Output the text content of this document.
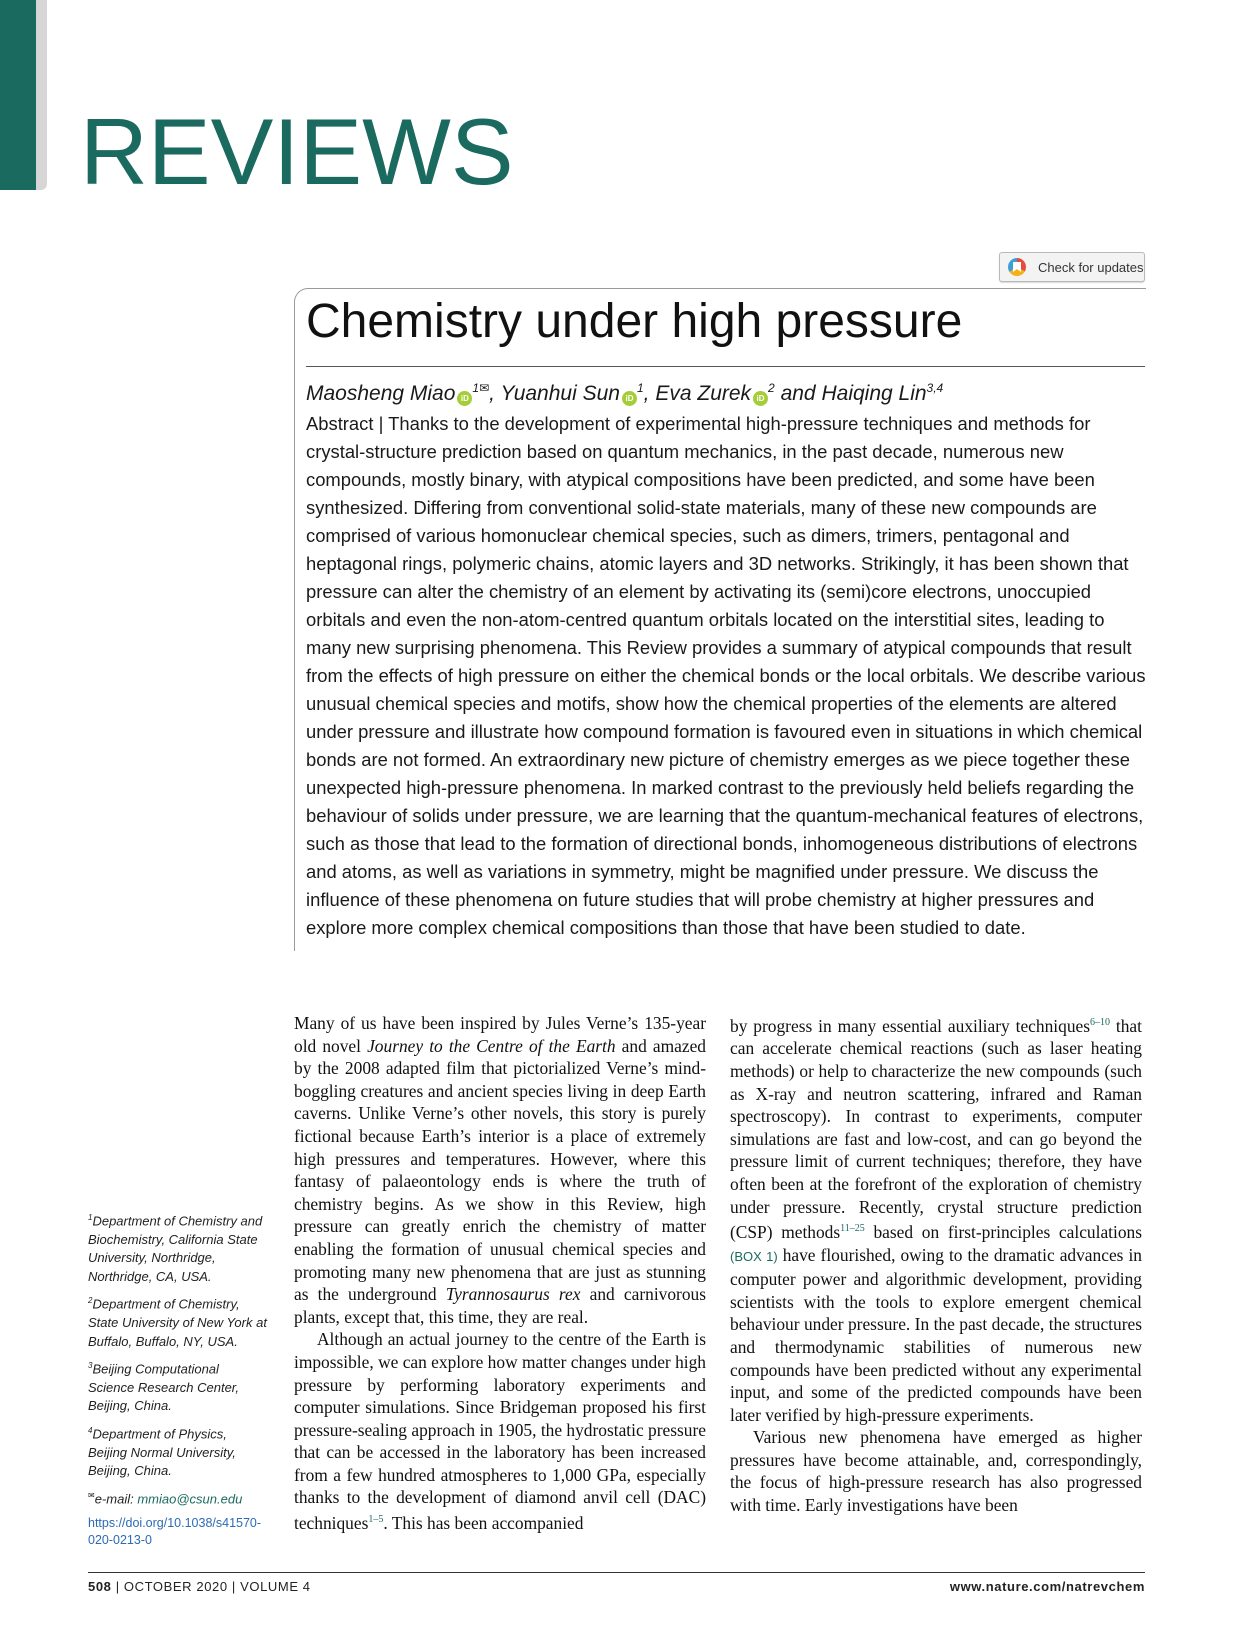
REVIEWS
Check for updates
Chemistry under high pressure
Maosheng Miao $iD^{1✉}$, Yuanhui Sun $iD^1$, Eva Zurek $iD^2$ and Haiqing Lin$^{3,4}$
Abstract | Thanks to the development of experimental high-pressure techniques and methods for crystal-structure prediction based on quantum mechanics, in the past decade, numerous new compounds, mostly binary, with atypical compositions have been predicted, and some have been synthesized. Differing from conventional solid-state materials, many of these new compounds are comprised of various homonuclear chemical species, such as dimers, trimers, pentagonal and heptagonal rings, polymeric chains, atomic layers and 3D networks. Strikingly, it has been shown that pressure can alter the chemistry of an element by activating its (semi)core electrons, unoccupied orbitals and even the non-atom-centred quantum orbitals located on the interstitial sites, leading to many new surprising phenomena. This Review provides a summary of atypical compounds that result from the effects of high pressure on either the chemical bonds or the local orbitals. We describe various unusual chemical species and motifs, show how the chemical properties of the elements are altered under pressure and illustrate how compound formation is favoured even in situations in which chemical bonds are not formed. An extraordinary new picture of chemistry emerges as we piece together these unexpected high-pressure phenomena. In marked contrast to the previously held beliefs regarding the behaviour of solids under pressure, we are learning that the quantum-mechanical features of electrons, such as those that lead to the formation of directional bonds, inhomogeneous distributions of electrons and atoms, as well as variations in symmetry, might be magnified under pressure. We discuss the influence of these phenomena on future studies that will probe chemistry at higher pressures and explore more complex chemical compositions than those that have been studied to date.

Many of us have been inspired by Jules Verne’s 135-year old novel Journey to the Centre of the Earth and amazed by the 2008 adapted film that pictorialized Verne’s mind-boggling creatures and ancient species living in deep Earth caverns. Unlike Verne’s other novels, this story is purely fictional because Earth’s interior is a place of extremely high pressures and temperatures. However, where this fantasy of palaeontology ends is where the truth of chemistry begins. As we show in this Review, high pressure can greatly enrich the chemistry of matter enabling the formation of unusual chemical species and promoting many new phenomena that are just as stunning as the underground Tyrannosaurus rex and carnivorous plants, except that, this time, they are real.

Although an actual journey to the centre of the Earth is impossible, we can explore how matter changes under high pressure by performing laboratory experiments and computer simulations. Since Bridgeman proposed his first pressure-sealing approach in 1905, the hydrostatic pressure that can be accessed in the laboratory has been increased from a few hundred atmospheres to 1,000 GPa, especially thanks to the development of diamond anvil cell (DAC) techniques$^{1-5}$. This has been accompanied

by progress in many essential auxiliary techniques$^{6-10}$ that can accelerate chemical reactions (such as laser heating methods) or help to characterize the new compounds (such as X-ray and neutron scattering, infrared and Raman spectroscopy). In contrast to experiments, computer simulations are fast and low-cost, and can go beyond the pressure limit of current techniques; therefore, they have often been at the forefront of the exploration of chemistry under pressure. Recently, crystal structure prediction (CSP) methods$^{11-25}$ based on first-principles calculations (BOX 1) have flourished, owing to the dramatic advances in computer power and algorithmic development, providing scientists with the tools to explore emergent chemical behaviour under pressure. In the past decade, the structures and thermodynamic stabilities of numerous new compounds have been predicted without any experimental input, and some of the predicted compounds have been later verified by high-pressure experiments.

Various new phenomena have emerged as higher pressures have become attainable, and, correspondingly, the focus of high-pressure research has also progressed with time. Early investigations have been

$^1$Department of Chemistry and Biochemistry, California State University, Northridge, Northridge, CA, USA.
$^2$Department of Chemistry, State University of New York at Buffalo, Buffalo, NY, USA.
$^3$Beijing Computational Science Research Center, Beijing, China.
$^4$Department of Physics, Beijing Normal University, Beijing, China.
✉e-mail: mmiao@csun.edu
https://doi.org/10.1038/s41570-020-0213-0
508 | OCTOBER 2020 | VOLUME 4	www.nature.com/natrevchem
